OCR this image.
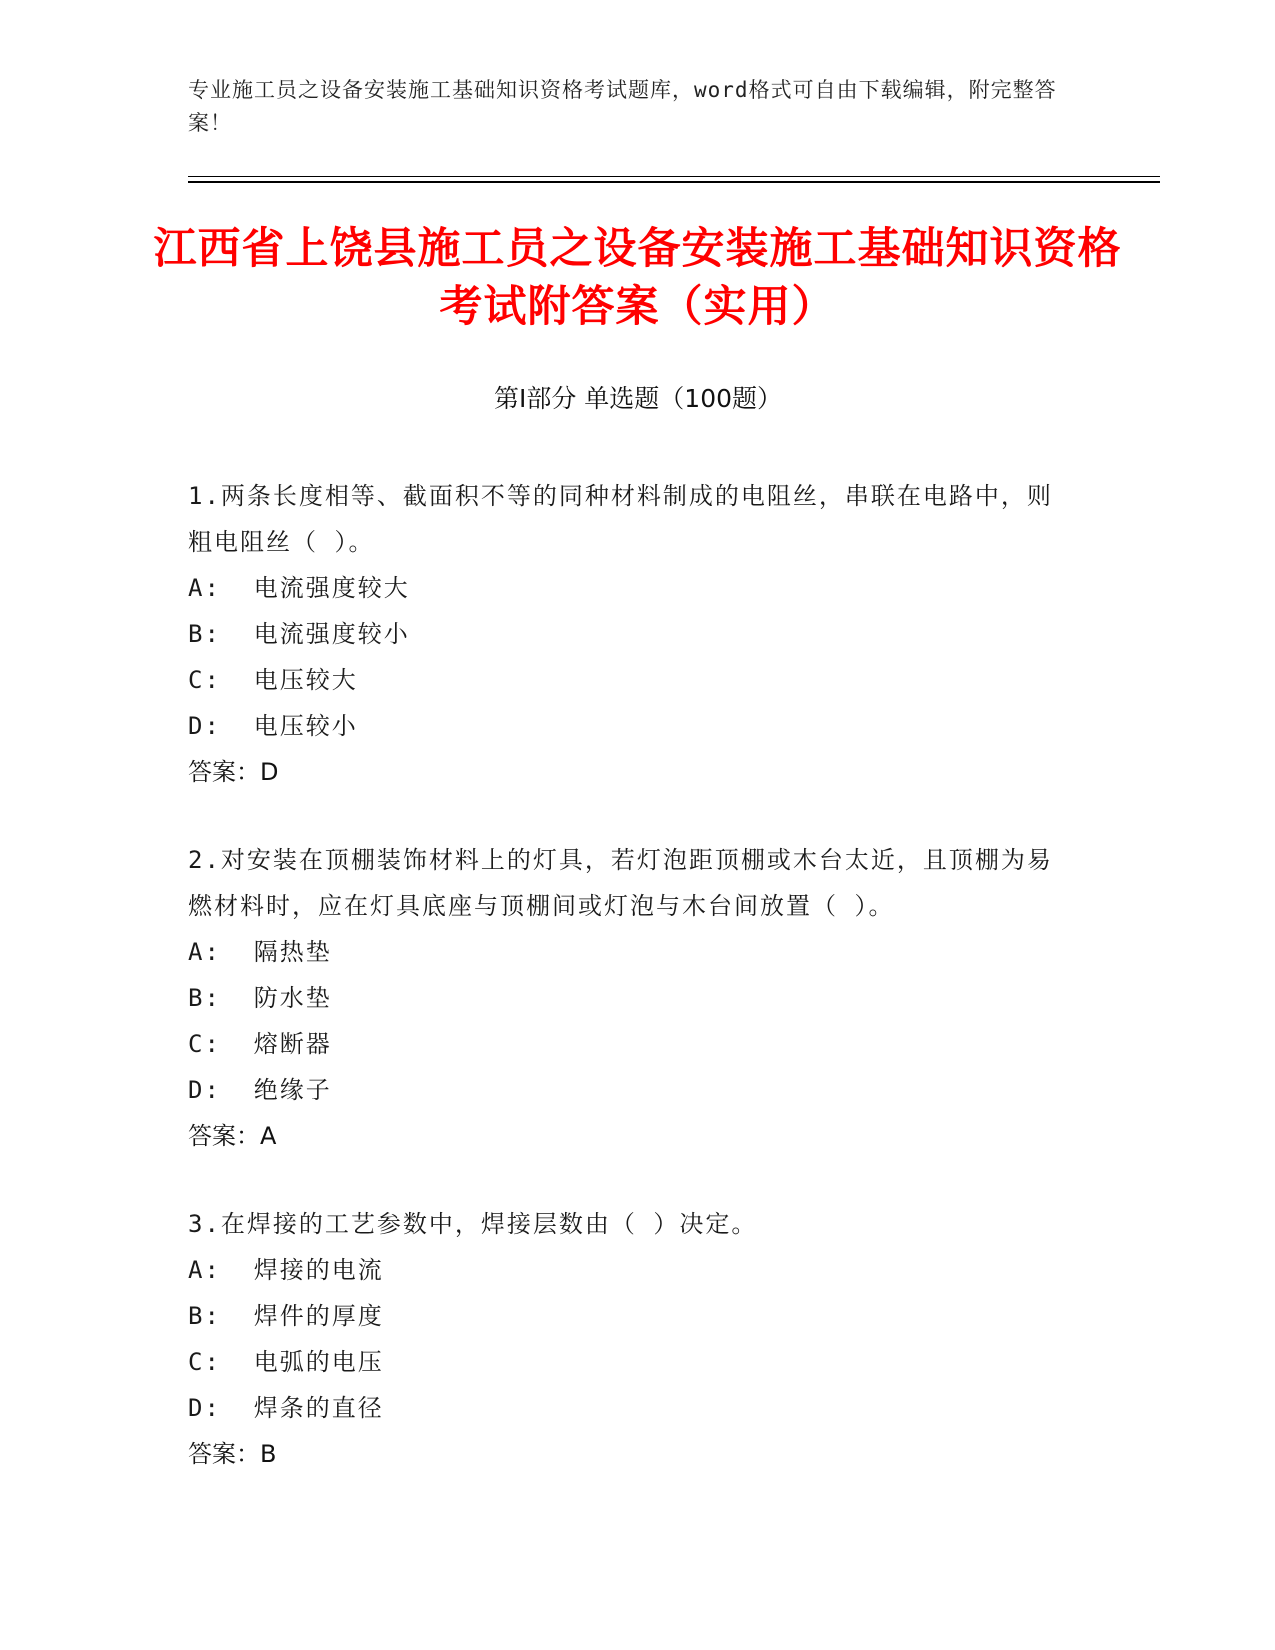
专业施工员之设备安装施工基础知识资格考试题库，word格式可自由下载编辑，附完整答案！
江西省上饶县施工员之设备安装施工基础知识资格考试附答案（实用）
第Ⅰ部分 单选题（100题）

1.两条长度相等、截面积不等的同种材料制成的电阻丝，串联在电路中，则粗电阻丝（ ）。

A:  电流强度较大

B:  电流强度较小

C:  电压较大

D:  电压较小

答案：D

2.对安装在顶棚装饰材料上的灯具，若灯泡距顶棚或木台太近，且顶棚为易燃材料时，应在灯具底座与顶棚间或灯泡与木台间放置（ ）。

A:  隔热垫

B:  防水垫

C:  熔断器

D:  绝缘子

答案：A

3.在焊接的工艺参数中，焊接层数由（ ）决定。

A:  焊接的电流

B:  焊件的厚度

C:  电弧的电压

D:  焊条的直径

答案：B
